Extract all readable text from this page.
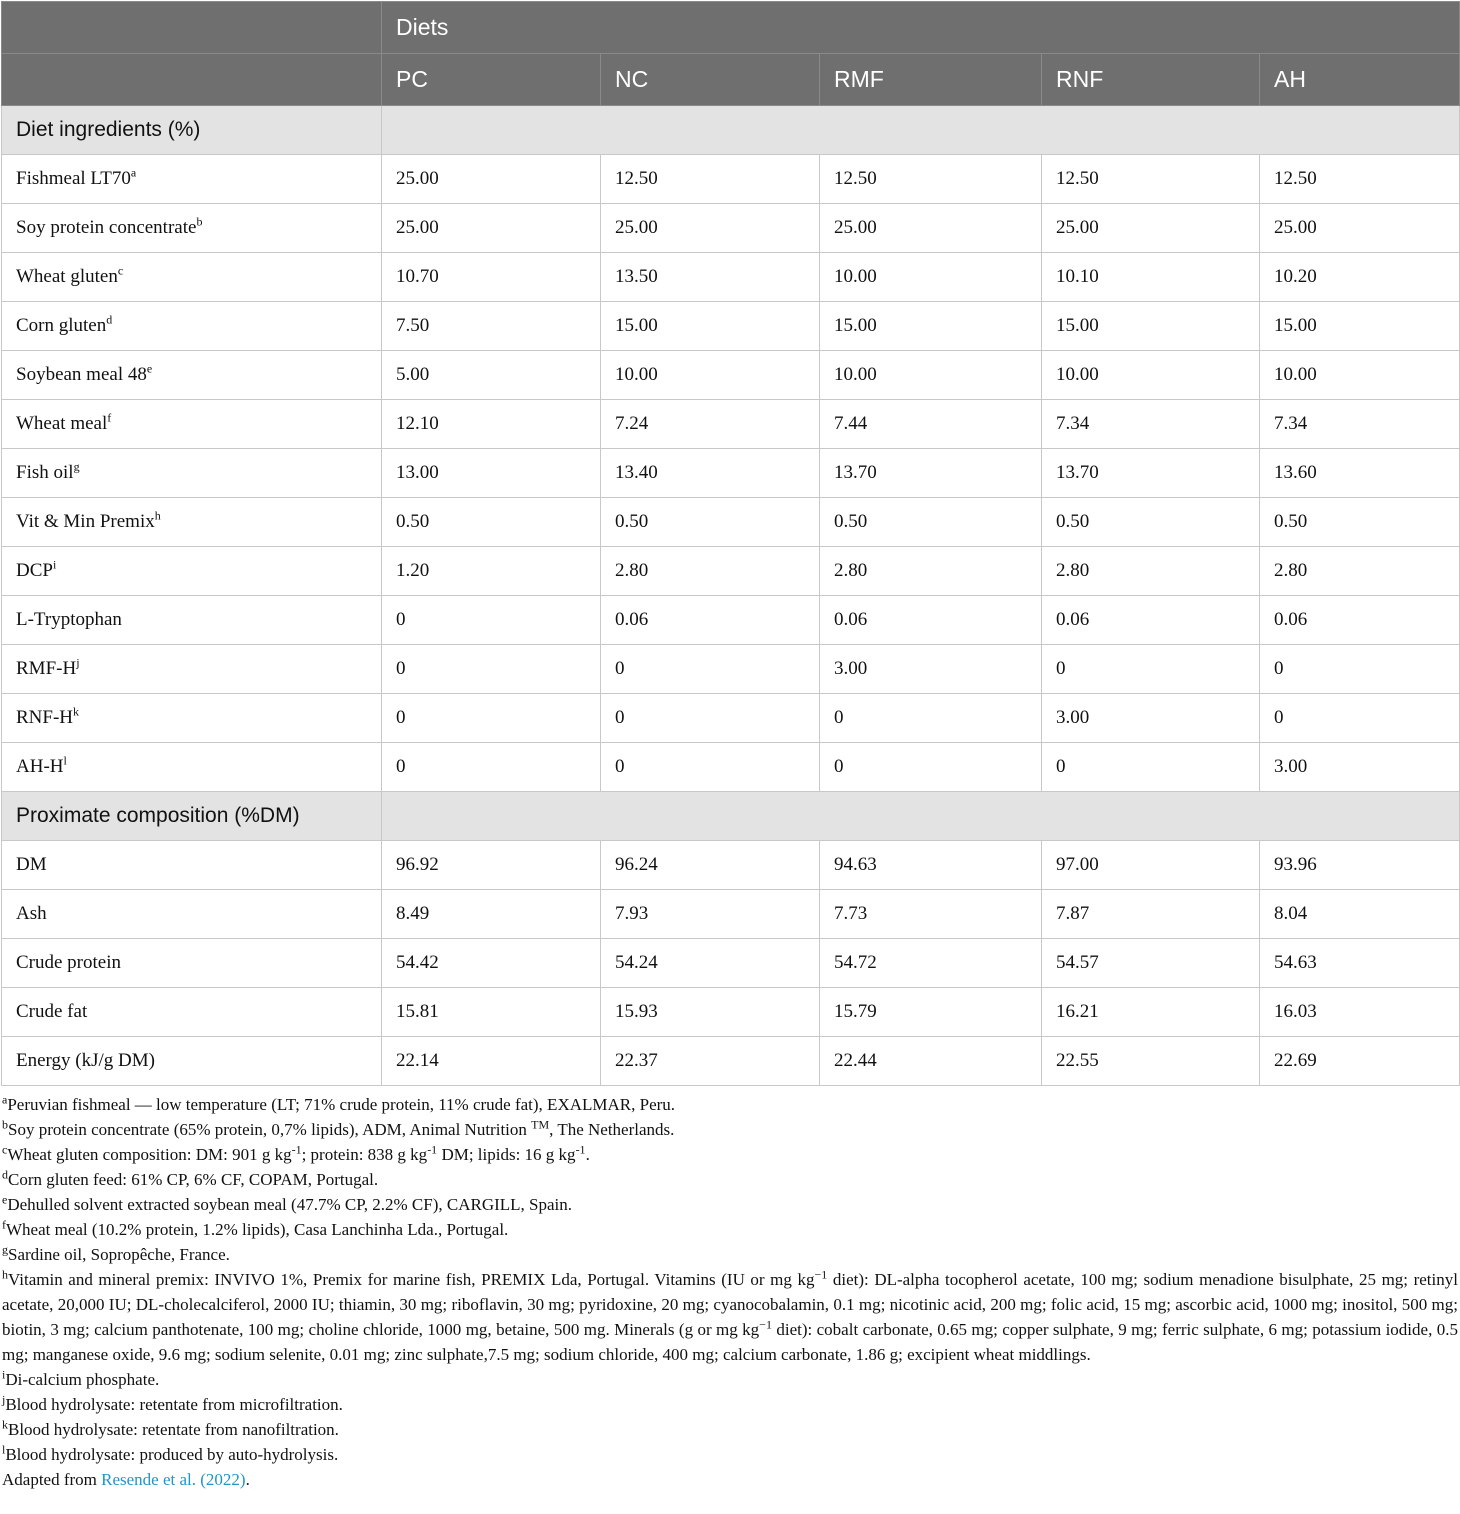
	Diets				
	PC	NC	RMF	RNF	AH
Diet ingredients (%)					
Fishmeal LT70$^a$	25.00	12.50	12.50	12.50	12.50
Soy protein concentrate$^b$	25.00	25.00	25.00	25.00	25.00
Wheat gluten$^c$	10.70	13.50	10.00	10.10	10.20
Corn gluten$^d$	7.50	15.00	15.00	15.00	15.00
Soybean meal 48e	5.00	10.00	10.00	10.00	10.00
Wheat meal$^f$	12.10	7.24	7.44	7.34	7.34
Fish oil$^g$	13.00	13.40	13.70	13.70	13.60
Vit & Min Premix$^h$	0.50	0.50	0.50	0.50	0.50
DCP$^i$	1.20	2.80	2.80	2.80	2.80
L-Tryptophan	0	0.06	0.06	0.06	0.06
RMF-$H^j$	0	0	3.00	0	0
RNF-$H^k$	0	0	0	3.00	0
$AH-H^l$	0	0	0	0	3.00
Proximate composition (%DM)					
DM	96.92	96.24	94.63	97.00	93.96
Ash	8.49	7.93	7.73	7.87	8.04
Crude protein	54.42	54.24	54.72	54.57	54.63
Crude fat	15.81	15.93	15.79	16.21	16.03
Energy (kJ/g DM)	22.14	22.37	22.44	22.55	22.69

$^a$Peruvian fishmeal — low temperature (LT; 71% crude protein, 11% crude fat), EXALMAR, Peru.

$^b$Soy protein concentrate (65% protein, 0,7% lipids), ADM, Animal Nutrition ™, The Netherlands.

$^c$Wheat gluten composition: DM: 901 g $kg^{-1}$; protein: 838 g $kg^{-1}$ DM; lipids: 16 g $kg^{-1}$.

$^d$Corn gluten feed: 61% CP, 6% CF, COPAM, Portugal.

$^e$Dehulled solvent extracted soybean meal (47.7% CP, 2.2% CF), CARGILL, Spain.

$^f$Wheat meal (10.2% protein, 1.2% lipids), Casa Lanchinha Lda., Portugal.

$^g$Sardine oil, Sopropêche, France.

$^h$Vitamin and mineral premix: INVIVO 1%, Premix for marine fish, PREMIX Lda, Portugal. Vitamins (IU or mg $kg^{-1}$ diet): DL-alpha tocopherol acetate, 100 mg; sodium menadione bisulphate, 25 mg; retinyl acetate, 20,000 IU; DL-cholecalciferol, 2000 IU; thiamin, 30 mg; riboflavin, 30 mg; pyridoxine, 20 mg; cyanocobalamin, 0.1 mg; nicotinic acid, 200 mg; folic acid, 15 mg; ascorbic acid, 1000 mg; inositol, 500 mg; biotin, 3 mg; calcium panthotenate, 100 mg; choline chloride, 1000 mg, betaine, 500 mg. Minerals (g or mg $kg^{-1}$ diet): cobalt carbonate, 0.65 mg; copper sulphate, 9 mg; ferric sulphate, 6 mg; potassium iodide, 0.5 mg; manganese oxide, 9.6 mg; sodium selenite, 0.01 mg; zinc sulphate,7.5 mg; sodium chloride, 400 mg; calcium carbonate, 1.86 g; excipient wheat middlings.

$^i$Di-calcium phosphate.

$^j$Blood hydrolysate: retentate from microfiltration.

$^k$Blood hydrolysate: retentate from nanofiltration.

$^l$Blood hydrolysate: produced by auto-hydrolysis.

Adapted from Resende et al. (2022).
